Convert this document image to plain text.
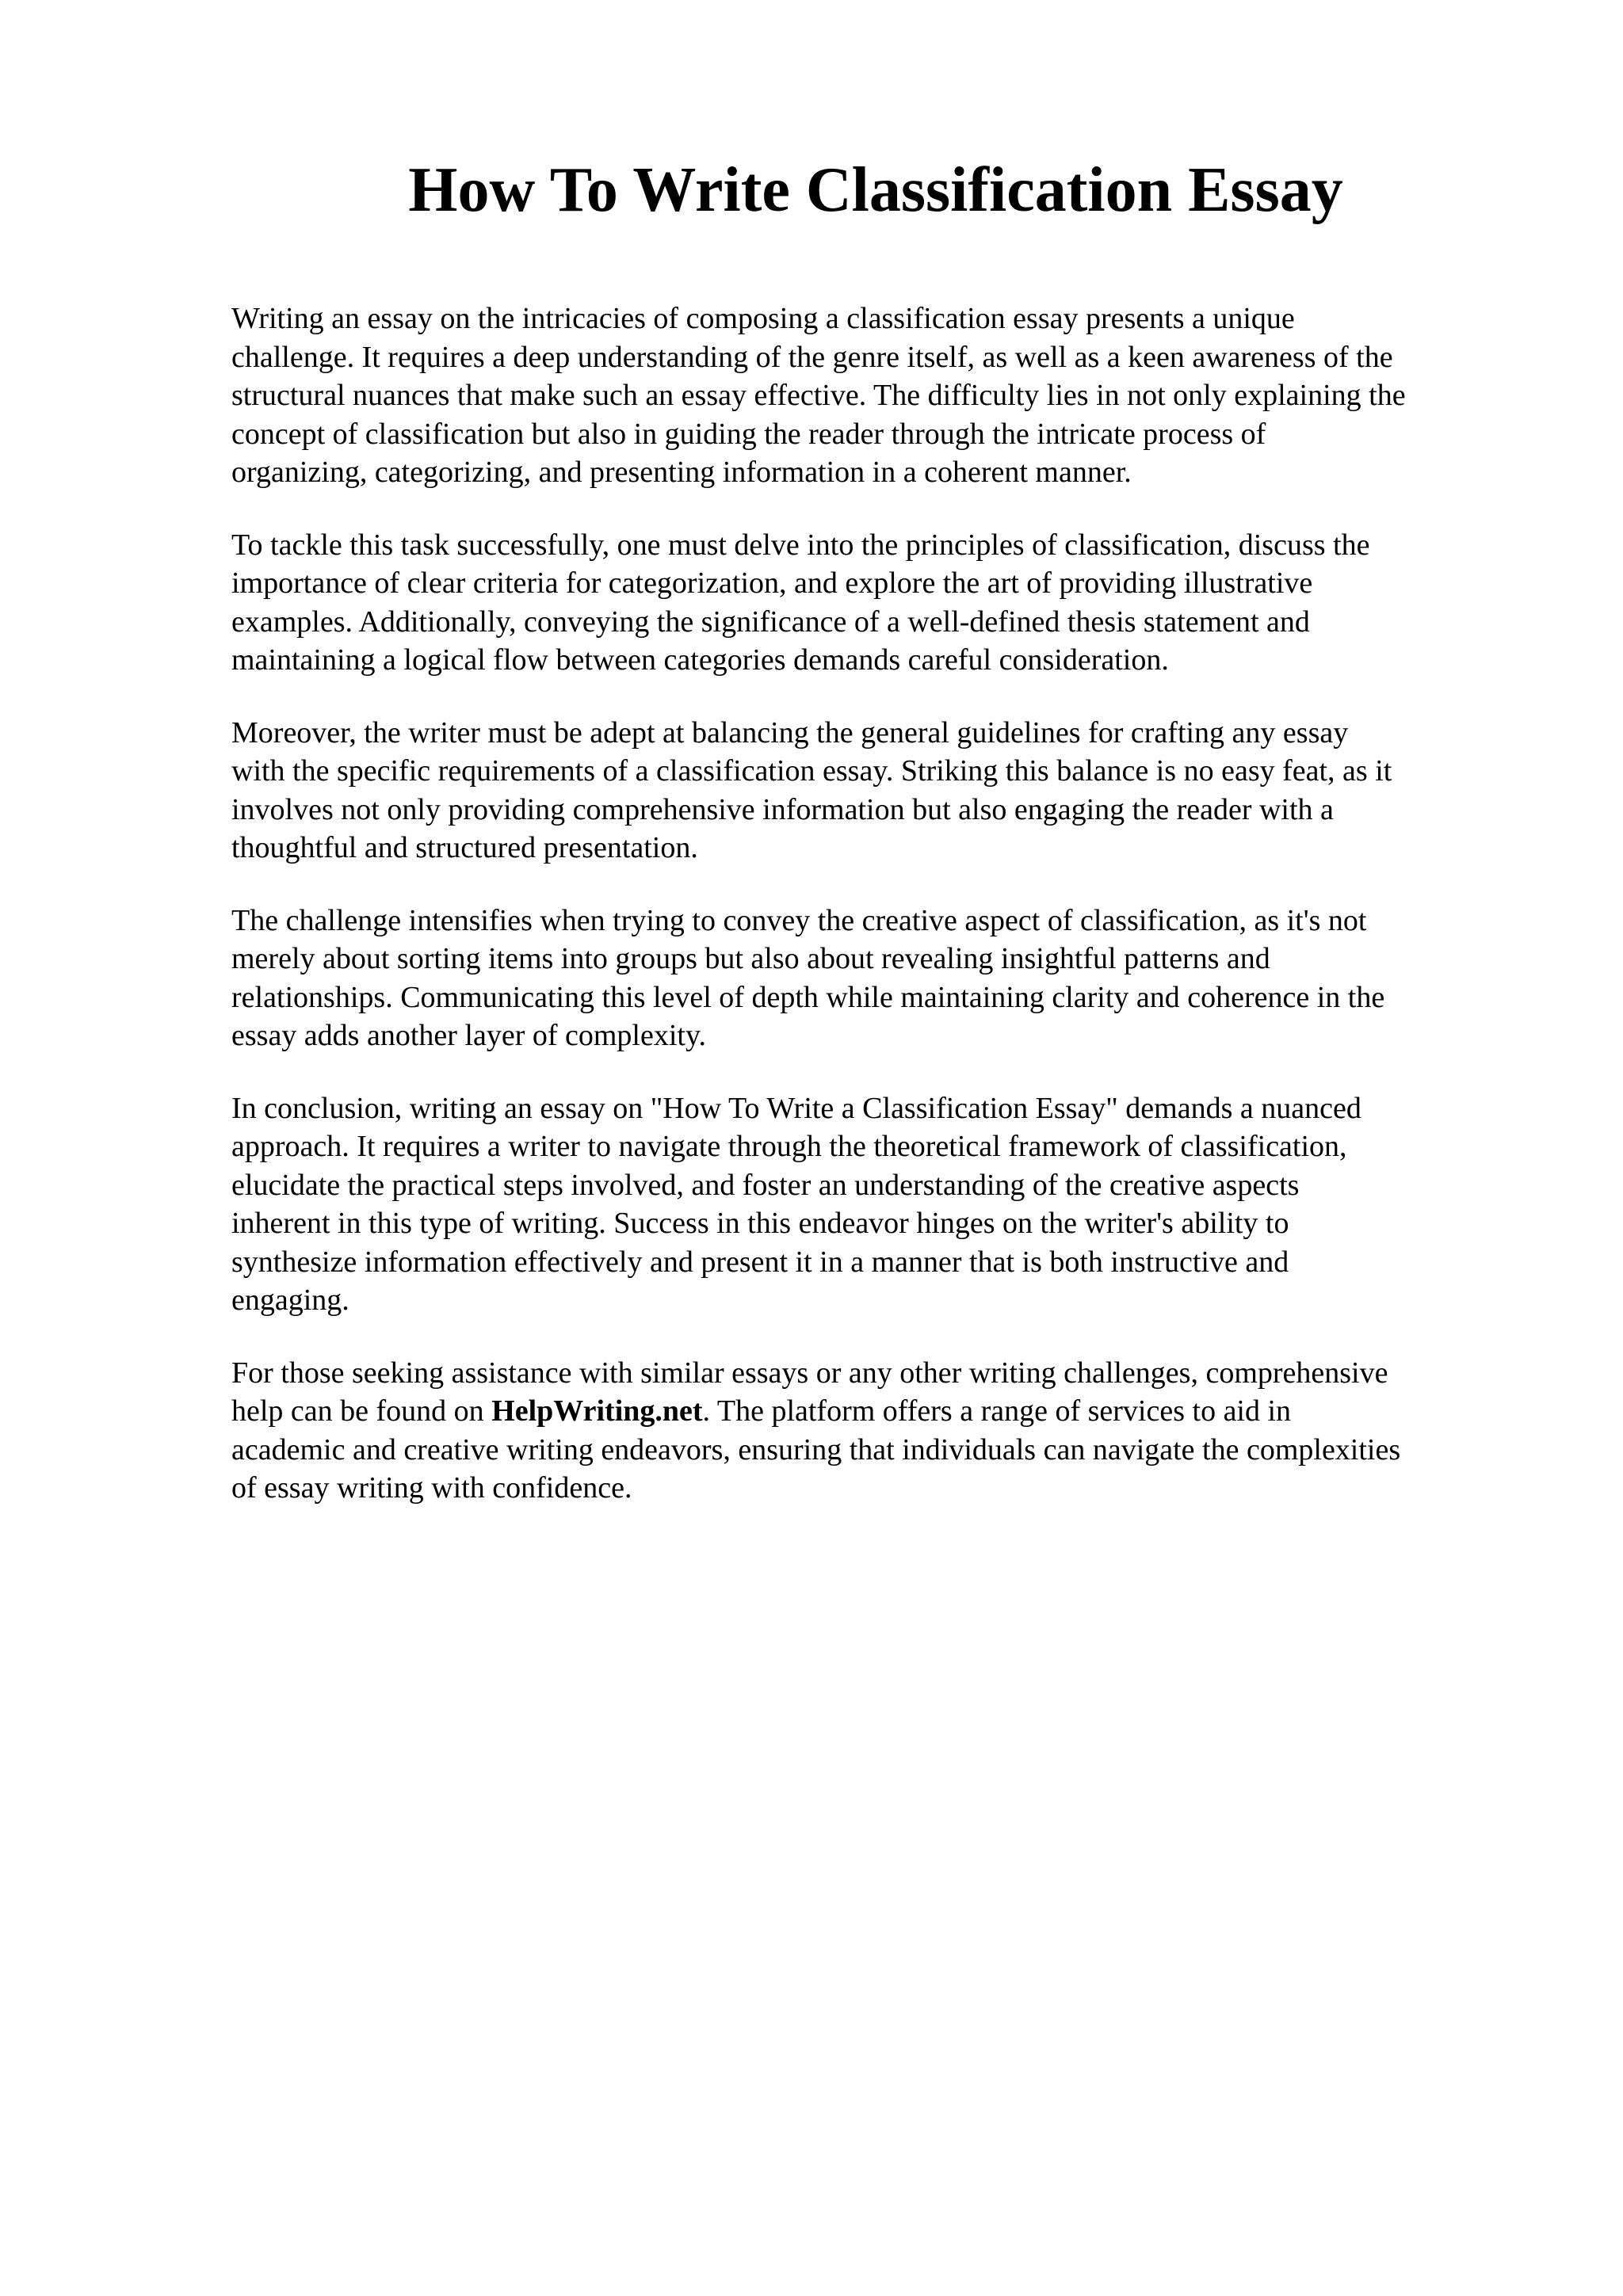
How To Write Classification Essay

Writing an essay on the intricacies of composing a classification essay presents a unique
challenge. It requires a deep understanding of the genre itself, as well as a keen awareness of the
structural nuances that make such an essay effective. The difficulty lies in not only explaining the
concept of classification but also in guiding the reader through the intricate process of
organizing, categorizing, and presenting information in a coherent manner.

To tackle this task successfully, one must delve into the principles of classification, discuss the
importance of clear criteria for categorization, and explore the art of providing illustrative
examples. Additionally, conveying the significance of a well-defined thesis statement and
maintaining a logical flow between categories demands careful consideration.

Moreover, the writer must be adept at balancing the general guidelines for crafting any essay
with the specific requirements of a classification essay. Striking this balance is no easy feat, as it
involves not only providing comprehensive information but also engaging the reader with a
thoughtful and structured presentation.

The challenge intensifies when trying to convey the creative aspect of classification, as it's not
merely about sorting items into groups but also about revealing insightful patterns and
relationships. Communicating this level of depth while maintaining clarity and coherence in the
essay adds another layer of complexity.

In conclusion, writing an essay on "How To Write a Classification Essay" demands a nuanced
approach. It requires a writer to navigate through the theoretical framework of classification,
elucidate the practical steps involved, and foster an understanding of the creative aspects
inherent in this type of writing. Success in this endeavor hinges on the writer's ability to
synthesize information effectively and present it in a manner that is both instructive and
engaging.

For those seeking assistance with similar essays or any other writing challenges, comprehensive
help can be found on HelpWriting.net. The platform offers a range of services to aid in
academic and creative writing endeavors, ensuring that individuals can navigate the complexities
of essay writing with confidence.
